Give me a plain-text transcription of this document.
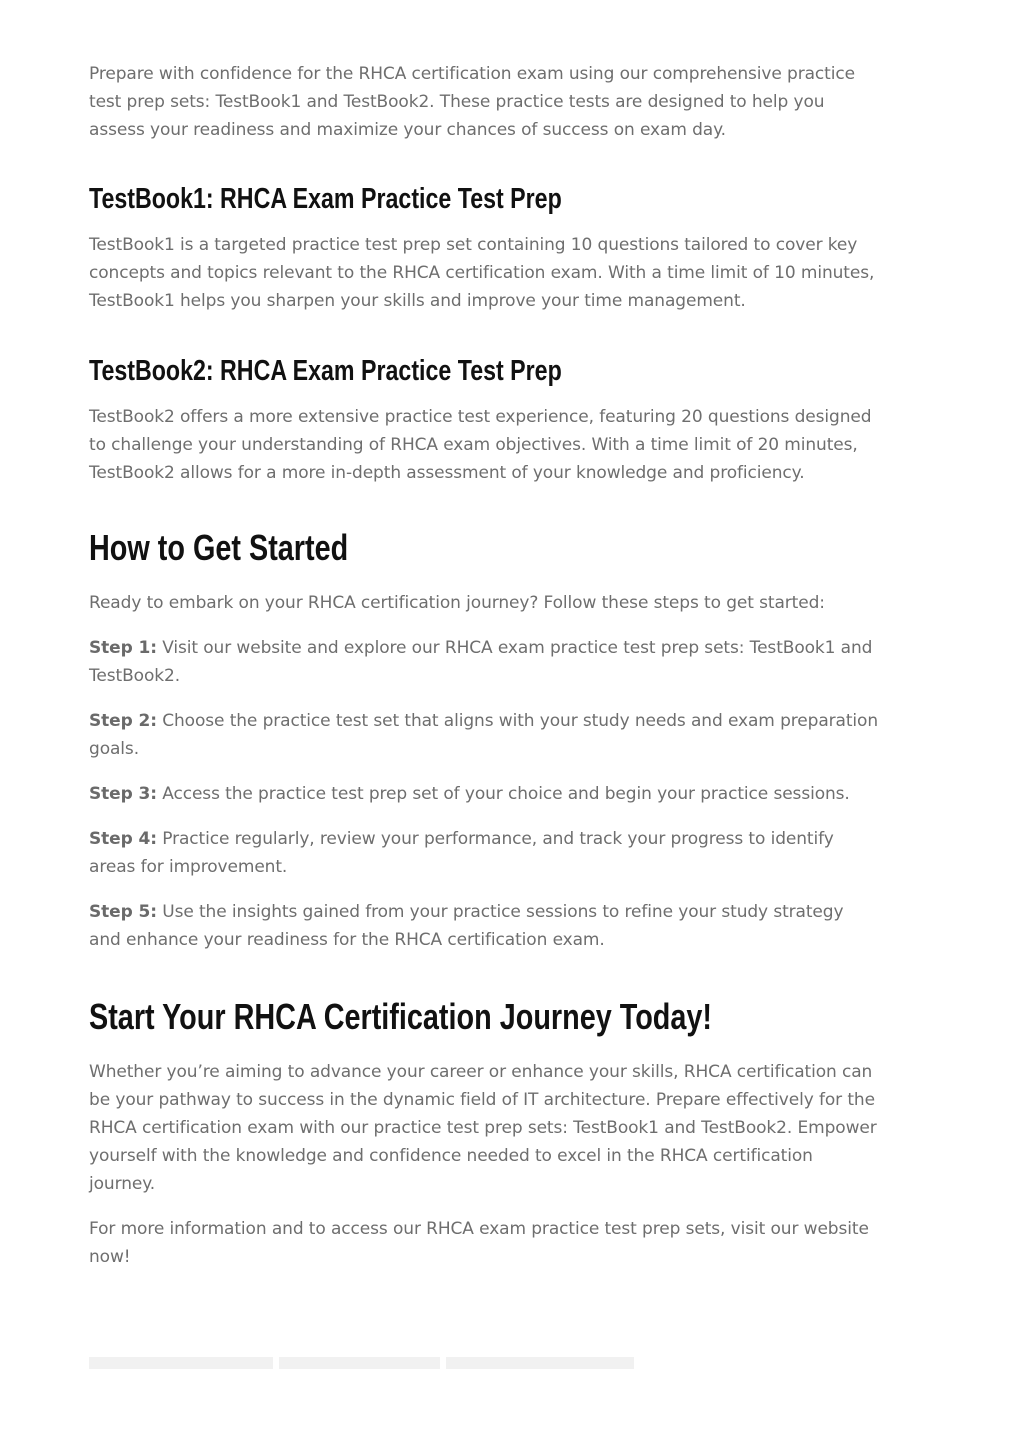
Prepare with confidence for the RHCA certification exam using our comprehensive practice test prep sets: TestBook1 and TestBook2. These practice tests are designed to help you assess your readiness and maximize your chances of success on exam day.

TestBook1: RHCA Exam Practice Test Prep

TestBook1 is a targeted practice test prep set containing 10 questions tailored to cover key concepts and topics relevant to the RHCA certification exam. With a time limit of 10 minutes, TestBook1 helps you sharpen your skills and improve your time management.

TestBook2: RHCA Exam Practice Test Prep

TestBook2 offers a more extensive practice test experience, featuring 20 questions designed to challenge your understanding of RHCA exam objectives. With a time limit of 20 minutes, TestBook2 allows for a more in-depth assessment of your knowledge and proficiency.

How to Get Started

Ready to embark on your RHCA certification journey? Follow these steps to get started:

Step 1: Visit our website and explore our RHCA exam practice test prep sets: TestBook1 and TestBook2.

Step 2: Choose the practice test set that aligns with your study needs and exam preparation goals.

Step 3: Access the practice test prep set of your choice and begin your practice sessions.

Step 4: Practice regularly, review your performance, and track your progress to identify areas for improvement.

Step 5: Use the insights gained from your practice sessions to refine your study strategy and enhance your readiness for the RHCA certification exam.

Start Your RHCA Certification Journey Today!

Whether you’re aiming to advance your career or enhance your skills, RHCA certification can be your pathway to success in the dynamic field of IT architecture. Prepare effectively for the RHCA certification exam with our practice test prep sets: TestBook1 and TestBook2. Empower yourself with the knowledge and confidence needed to excel in the RHCA certification journey.

For more information and to access our RHCA exam practice test prep sets, visit our website now!
